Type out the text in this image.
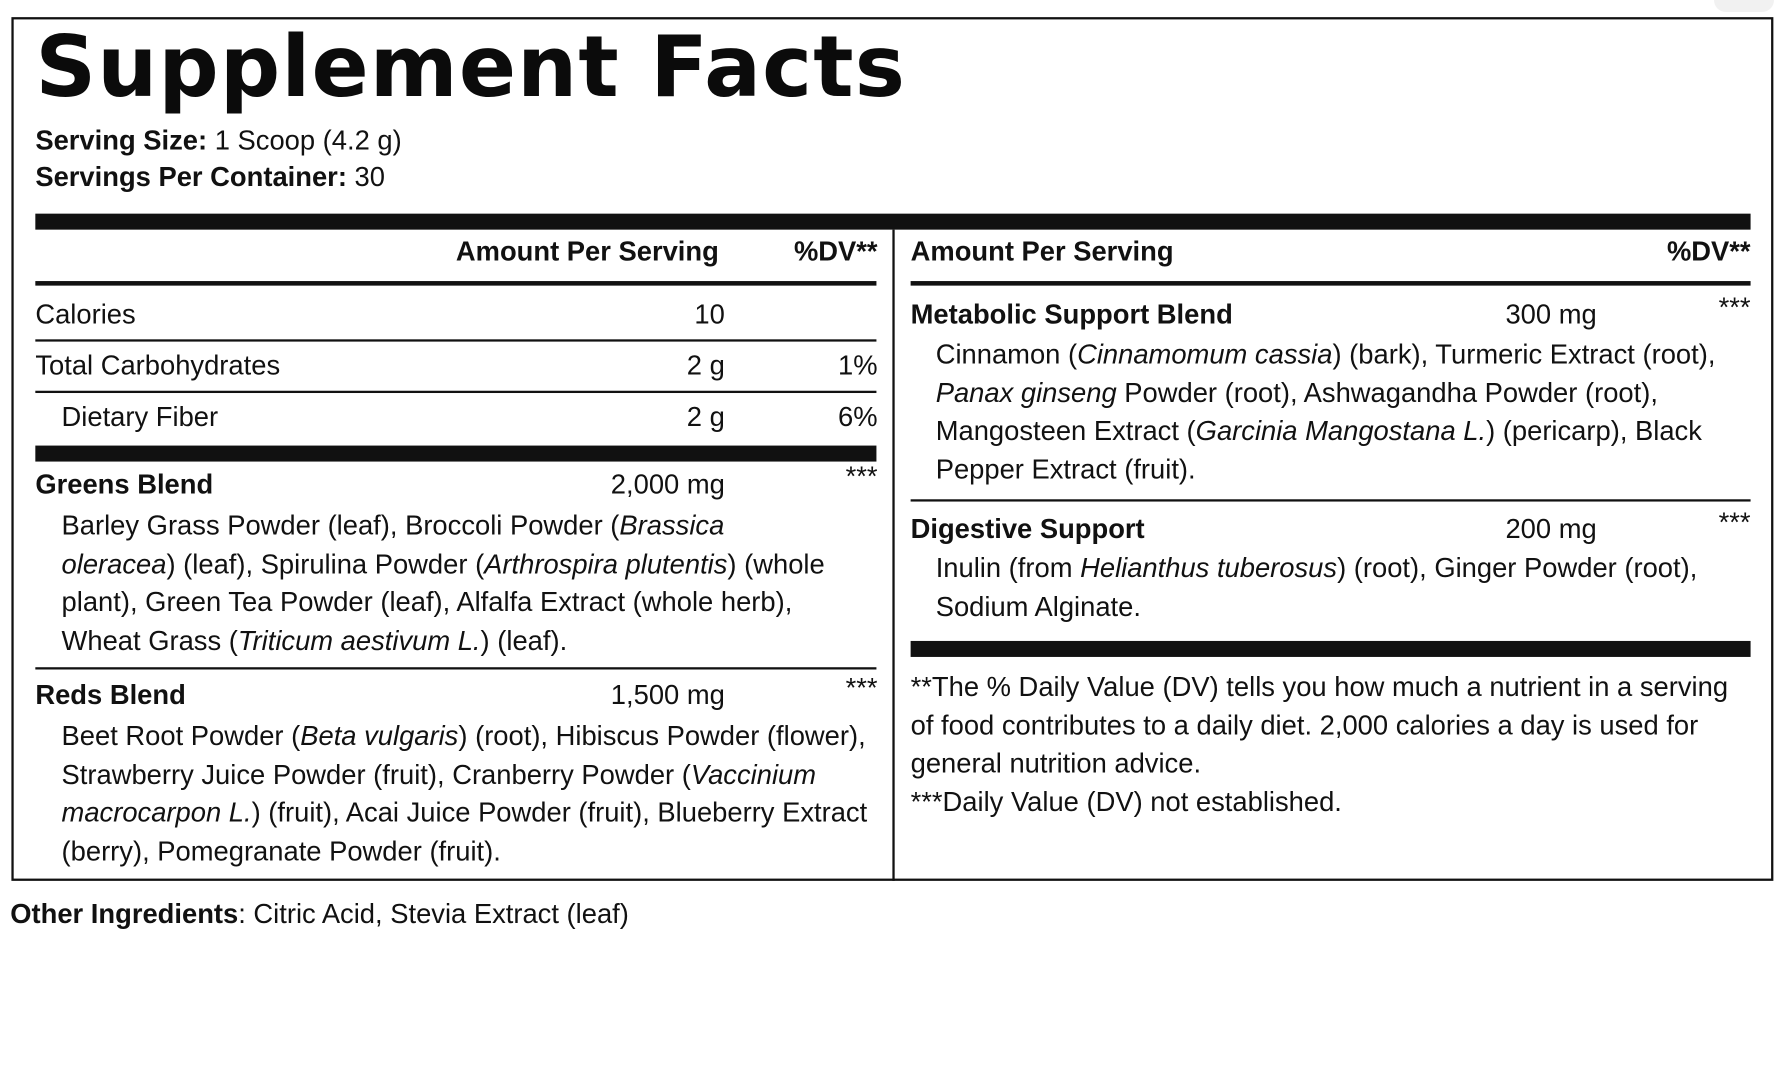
Supplement Facts
Serving Size: 1 Scoop (4.2 g)
Servings Per Container: 30
Amount Per Serving	%DV** Amount Per Serving	%DV**
Calories	10
Total Carbohydrates	2 g	1%
Dietary Fiber	2 g	6%
Greens Blend	2,000 mg	***
Barley Grass Powder (leaf), Broccoli Powder (Brassica
oleracea) (leaf), Spirulina Powder (Arthrospira plutentis) (whole
plant), Green Tea Powder (leaf), Alfalfa Extract (whole herb),
Wheat Grass (Triticum aestivum L.) (leaf).
Reds Blend	1,500 mg	***
Beet Root Powder (Beta vulgaris) (root), Hibiscus Powder (flower),
Strawberry Juice Powder (fruit), Cranberry Powder (Vaccinium
macrocarpon L.) (fruit), Acai Juice Powder (fruit), Blueberry Extract
(berry), Pomegranate Powder (fruit).
Metabolic Support Blend	300 mg	***
Cinnamon (Cinnamomum cassia) (bark), Turmeric Extract (root),
Panax ginseng Powder (root), Ashwagandha Powder (root),
Mangosteen Extract (Garcinia Mangostana L.) (pericarp), Black
Pepper Extract (fruit).
Digestive Support	200 mg	***
Inulin (from Helianthus tuberosus) (root), Ginger Powder (root),
Sodium Alginate.
**The % Daily Value (DV) tells you how much a nutrient in a serving
of food contributes to a daily diet. 2,000 calories a day is used for
general nutrition advice.
***Daily Value (DV) not established.
Other Ingredients: Citric Acid, Stevia Extract (leaf)
